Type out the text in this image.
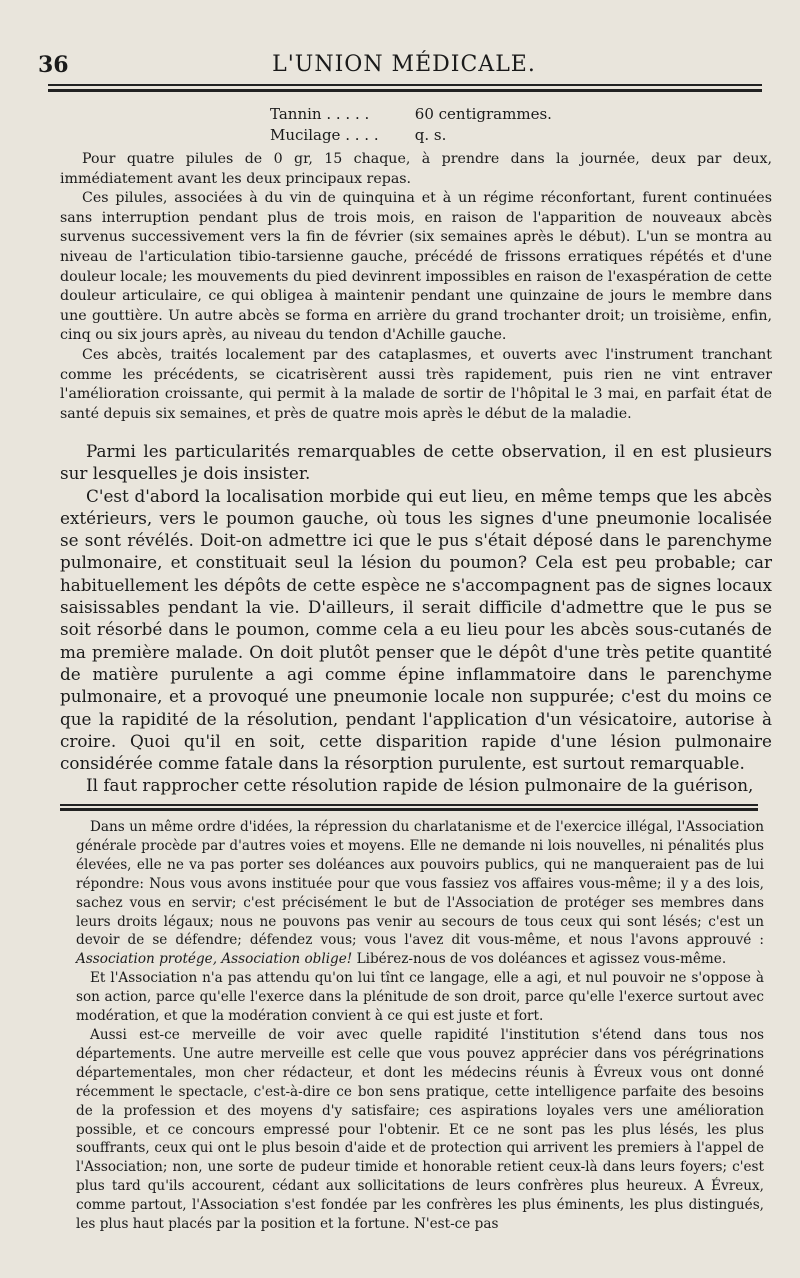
36	L'UNION MÉDICALE.
Tannin . . . . .	60 centigrammes.
Mucilage . . . . q. s.

Pour quatre pilules de 0 gr, 15 chaque, à prendre dans la journée, deux par deux, immédiatement avant les deux principaux repas.

Ces pilules, associées à du vin de quinquina et à un régime réconfortant, furent continuées sans interruption pendant plus de trois mois, en raison de l'apparition de nouveaux abcès survenus successivement vers la fin de février (six semaines après le début). L'un se montra au niveau de l'articulation tibio-tarsienne gauche, précédé de frissons erratiques répétés et d'une douleur locale; les mouvements du pied devinrent impossibles en raison de l'exaspération de cette douleur articulaire, ce qui obligea à maintenir pendant une quinzaine de jours le membre dans une gouttière. Un autre abcès se forma en arrière du grand trochanter droit; un troisième, enfin, cinq ou six jours après, au niveau du tendon d'Achille gauche.

Ces abcès, traités localement par des cataplasmes, et ouverts avec l'instrument tranchant comme les précédents, se cicatrisèrent aussi très rapidement, puis rien ne vint entraver l'amélioration croissante, qui permit à la malade de sortir de l'hôpital le 3 mai, en parfait état de santé depuis six semaines, et près de quatre mois après le début de la maladie.

Parmi les particularités remarquables de cette observation, il en est plusieurs sur lesquelles je dois insister.

C'est d'abord la localisation morbide qui eut lieu, en même temps que les abcès extérieurs, vers le poumon gauche, où tous les signes d'une pneumonie localisée se sont révélés. Doit-on admettre ici que le pus s'était déposé dans le parenchyme pulmonaire, et constituait seul la lésion du poumon? Cela est peu probable; car habituellement les dépôts de cette espèce ne s'accompagnent pas de signes locaux saisissables pendant la vie. D'ailleurs, il serait difficile d'admettre que le pus se soit résorbé dans le poumon, comme cela a eu lieu pour les abcès sous-cutanés de ma première malade. On doit plutôt penser que le dépôt d'une très petite quantité de matière purulente a agi comme épine inflammatoire dans le parenchyme pulmonaire, et a provoqué une pneumonie locale non suppurée; c'est du moins ce que la rapidité de la résolution, pendant l'application d'un vésicatoire, autorise à croire. Quoi qu'il en soit, cette disparition rapide d'une lésion pulmonaire considérée comme fatale dans la résorption purulente, est surtout remarquable.

Il faut rapprocher cette résolution rapide de lésion pulmonaire de la guérison,

Dans un même ordre d'idées, la répression du charlatanisme et de l'exercice illégal, l'Association générale procède par d'autres voies et moyens. Elle ne demande ni lois nouvelles, ni pénalités plus élevées, elle ne va pas porter ses doléances aux pouvoirs publics, qui ne manqueraient pas de lui répondre: Nous vous avons instituée pour que vous fassiez vos affaires vous-même; il y a des lois, sachez vous en servir; c'est précisément le but de l'Association de protéger ses membres dans leurs droits légaux; nous ne pouvons pas venir au secours de tous ceux qui sont lésés; c'est un devoir de se défendre; défendez vous; vous l'avez dit vous-même, et nous l'avons approuvé : Association protége, Association oblige! Libérez-nous de vos doléances et agissez vous-même.

Et l'Association n'a pas attendu qu'on lui tînt ce langage, elle a agi, et nul pouvoir ne s'oppose à son action, parce qu'elle l'exerce dans la plénitude de son droit, parce qu'elle l'exerce surtout avec modération, et que la modération convient à ce qui est juste et fort.

Aussi est-ce merveille de voir avec quelle rapidité l'institution s'étend dans tous nos départements. Une autre merveille est celle que vous pouvez apprécier dans vos pérégrinations départementales, mon cher rédacteur, et dont les médecins réunis à Évreux vous ont donné récemment le spectacle, c'est-à-dire ce bon sens pratique, cette intelligence parfaite des besoins de la profession et des moyens d'y satisfaire; ces aspirations loyales vers une amélioration possible, et ce concours empressé pour l'obtenir. Et ce ne sont pas les plus lésés, les plus souffrants, ceux qui ont le plus besoin d'aide et de protection qui arrivent les premiers à l'appel de l'Association; non, une sorte de pudeur timide et honorable retient ceux-là dans leurs foyers; c'est plus tard qu'ils accourent, cédant aux sollicitations de leurs confrères plus heureux. A Évreux, comme partout, l'Association s'est fondée par les confrères les plus éminents, les plus distingués, les plus haut placés par la position et la fortune. N'est-ce pas
